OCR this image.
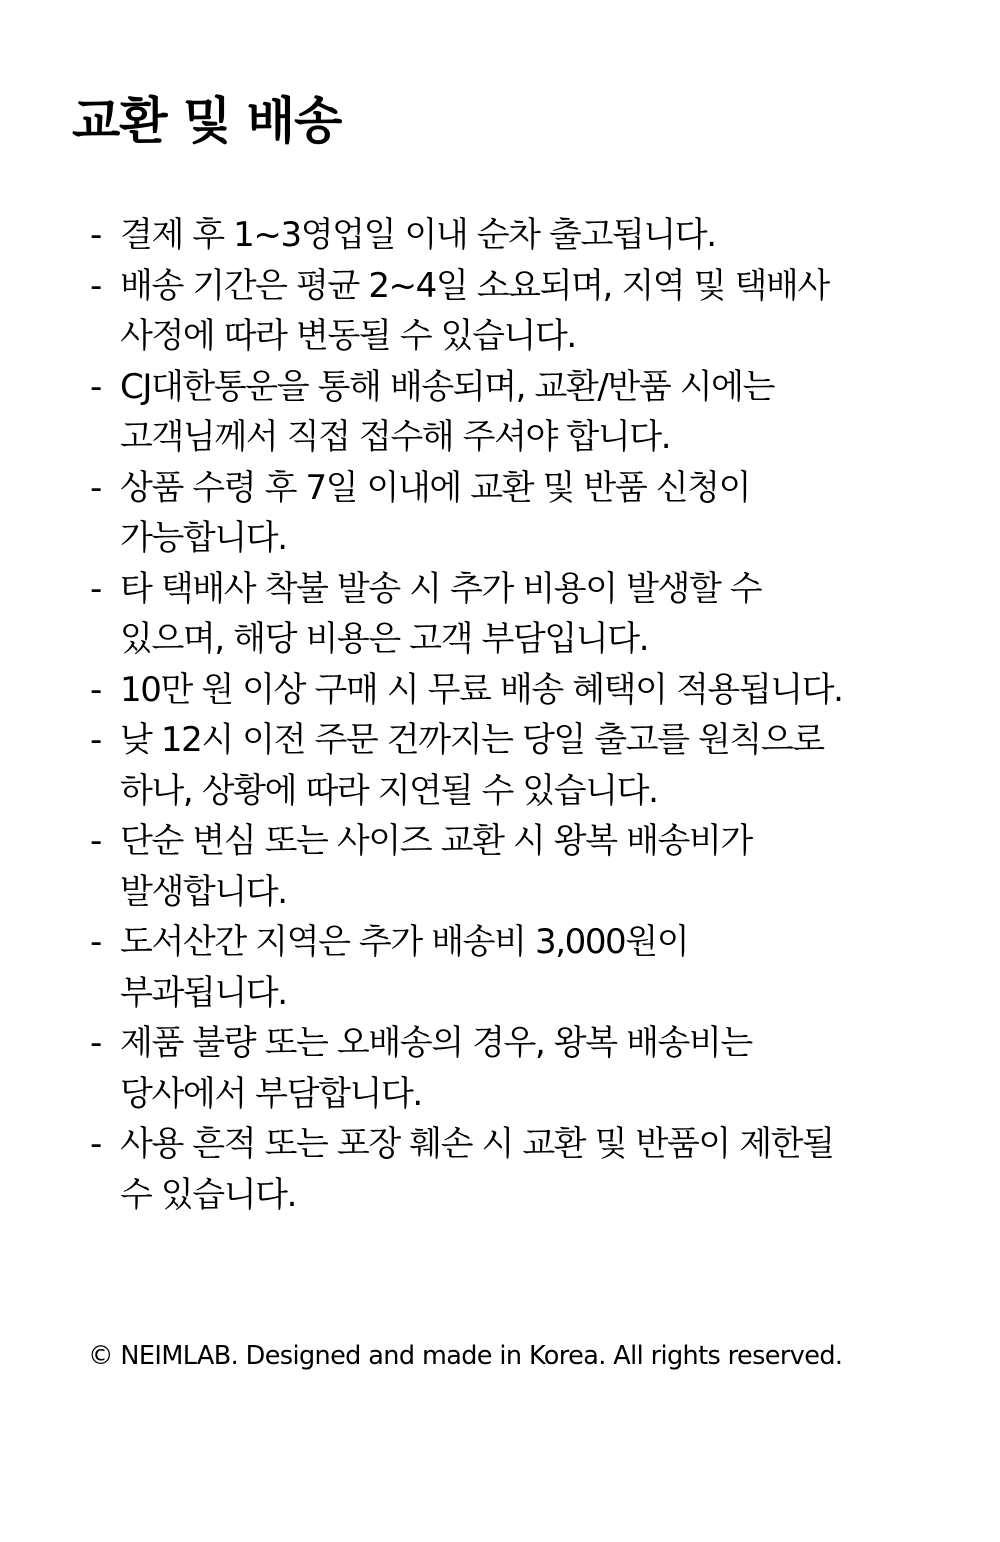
교환 및 배송
- 결제 후 1~3영업일 이내 순차 출고됩니다.
- 배송 기간은 평균 2~4일 소요되며, 지역 및 택배사
사정에 따라 변동될 수 있습니다.
- CJ대한통운을 통해 배송되며, 교환/반품 시에는
고객님께서 직접 접수해 주셔야 합니다.
- 상품 수령 후 7일 이내에 교환 및 반품 신청이
가능합니다.
- 타 택배사 착불 발송 시 추가 비용이 발생할 수
있으며, 해당 비용은 고객 부담입니다.
- 10만 원 이상 구매 시 무료 배송 혜택이 적용됩니다.
- 낮 12시 이전 주문 건까지는 당일 출고를 원칙으로
하나, 상황에 따라 지연될 수 있습니다.
- 단순 변심 또는 사이즈 교환 시 왕복 배송비가
발생합니다.
- 도서산간 지역은 추가 배송비 3,000원이
부과됩니다.
- 제품 불량 또는 오배송의 경우, 왕복 배송비는
당사에서 부담합니다.
- 사용 흔적 또는 포장 훼손 시 교환 및 반품이 제한될
수 있습니다.

© NEIMLAB. Designed and made in Korea. All rights reserved.
